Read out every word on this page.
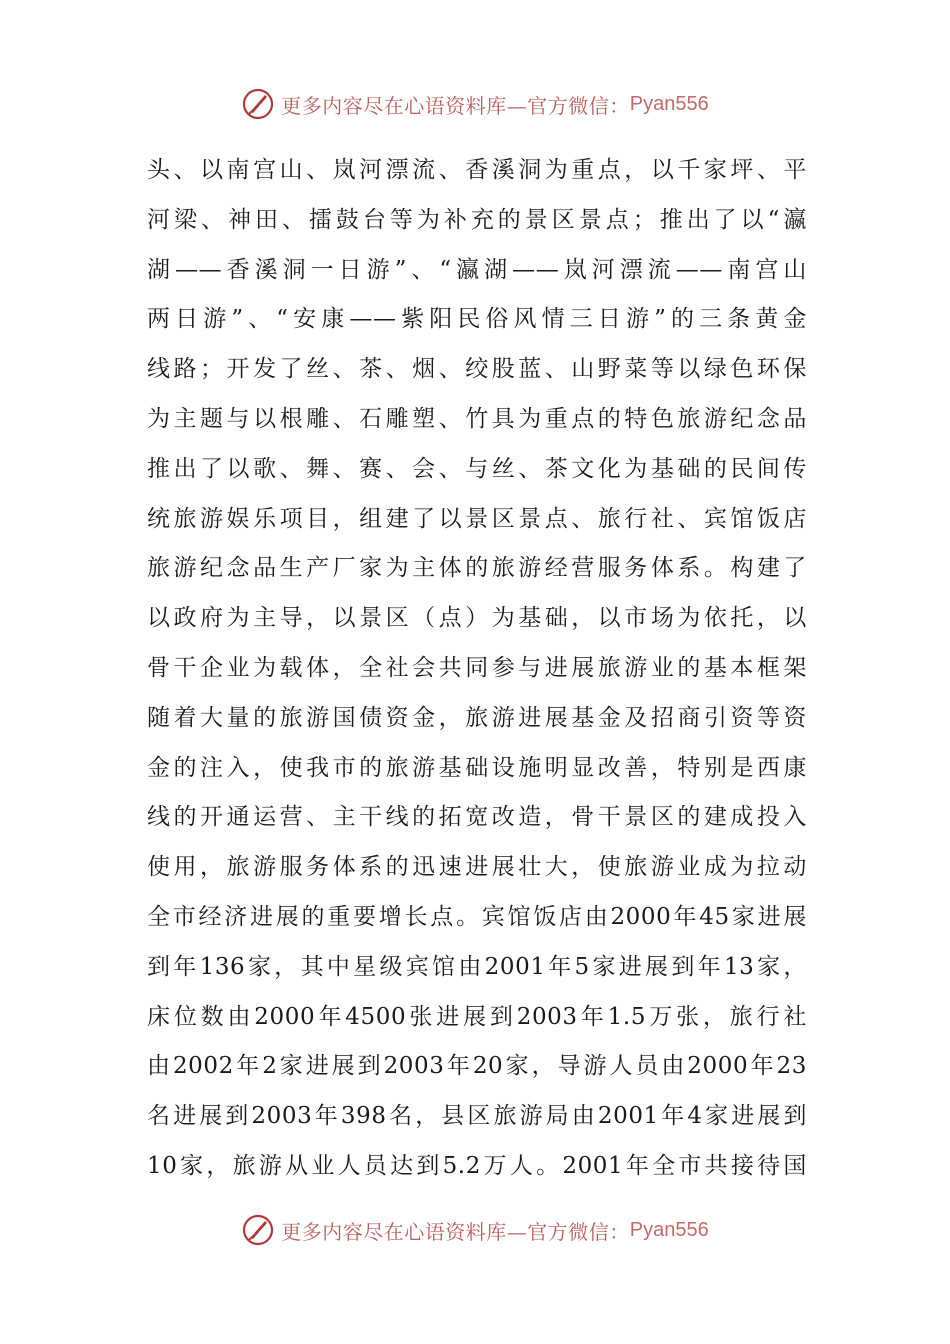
更多内容尽在心语资料库—官方微信： Pyan556
头、以南宫山、岚河漂流、香溪洞为重点，以千家坪、平
河梁、神田、擂鼓台等为补充的景区景点；推出了以“瀛
湖——香溪洞一日游”、“瀛湖——岚河漂流——南宫山
两日游”、“安康——紫阳民俗风情三日游”的三条黄金
线路；开发了丝、茶、烟、绞股蓝、山野菜等以绿色环保
为主题与以根雕、石雕塑、竹具为重点的特色旅游纪念品
推出了以歌、舞、赛、会、与丝、茶文化为基础的民间传
统旅游娱乐项目，组建了以景区景点、旅行社、宾馆饭店
旅游纪念品生产厂家为主体的旅游经营服务体系。构建了
以政府为主导，以景区（点）为基础，以市场为依托，以
骨干企业为载体，全社会共同参与进展旅游业的基本框架
随着大量的旅游国债资金，旅游进展基金及招商引资等资
金的注入，使我市的旅游基础设施明显改善，特别是西康
线的开通运营、主干线的拓宽改造，骨干景区的建成投入
使用，旅游服务体系的迅速进展壮大，使旅游业成为拉动
全市经济进展的重要增长点。宾馆饭店由2000年45家进展
到年136家，其中星级宾馆由2001年5家进展到年13家，
床位数由2000年4500张进展到2003年1.5万张，旅行社
由2002年2家进展到2003年20家，导游人员由2000年23
名进展到2003年398名，县区旅游局由2001年4家进展到
10家，旅游从业人员达到5.2万人。2001年全市共接待国
更多内容尽在心语资料库—官方微信： Pyan556
